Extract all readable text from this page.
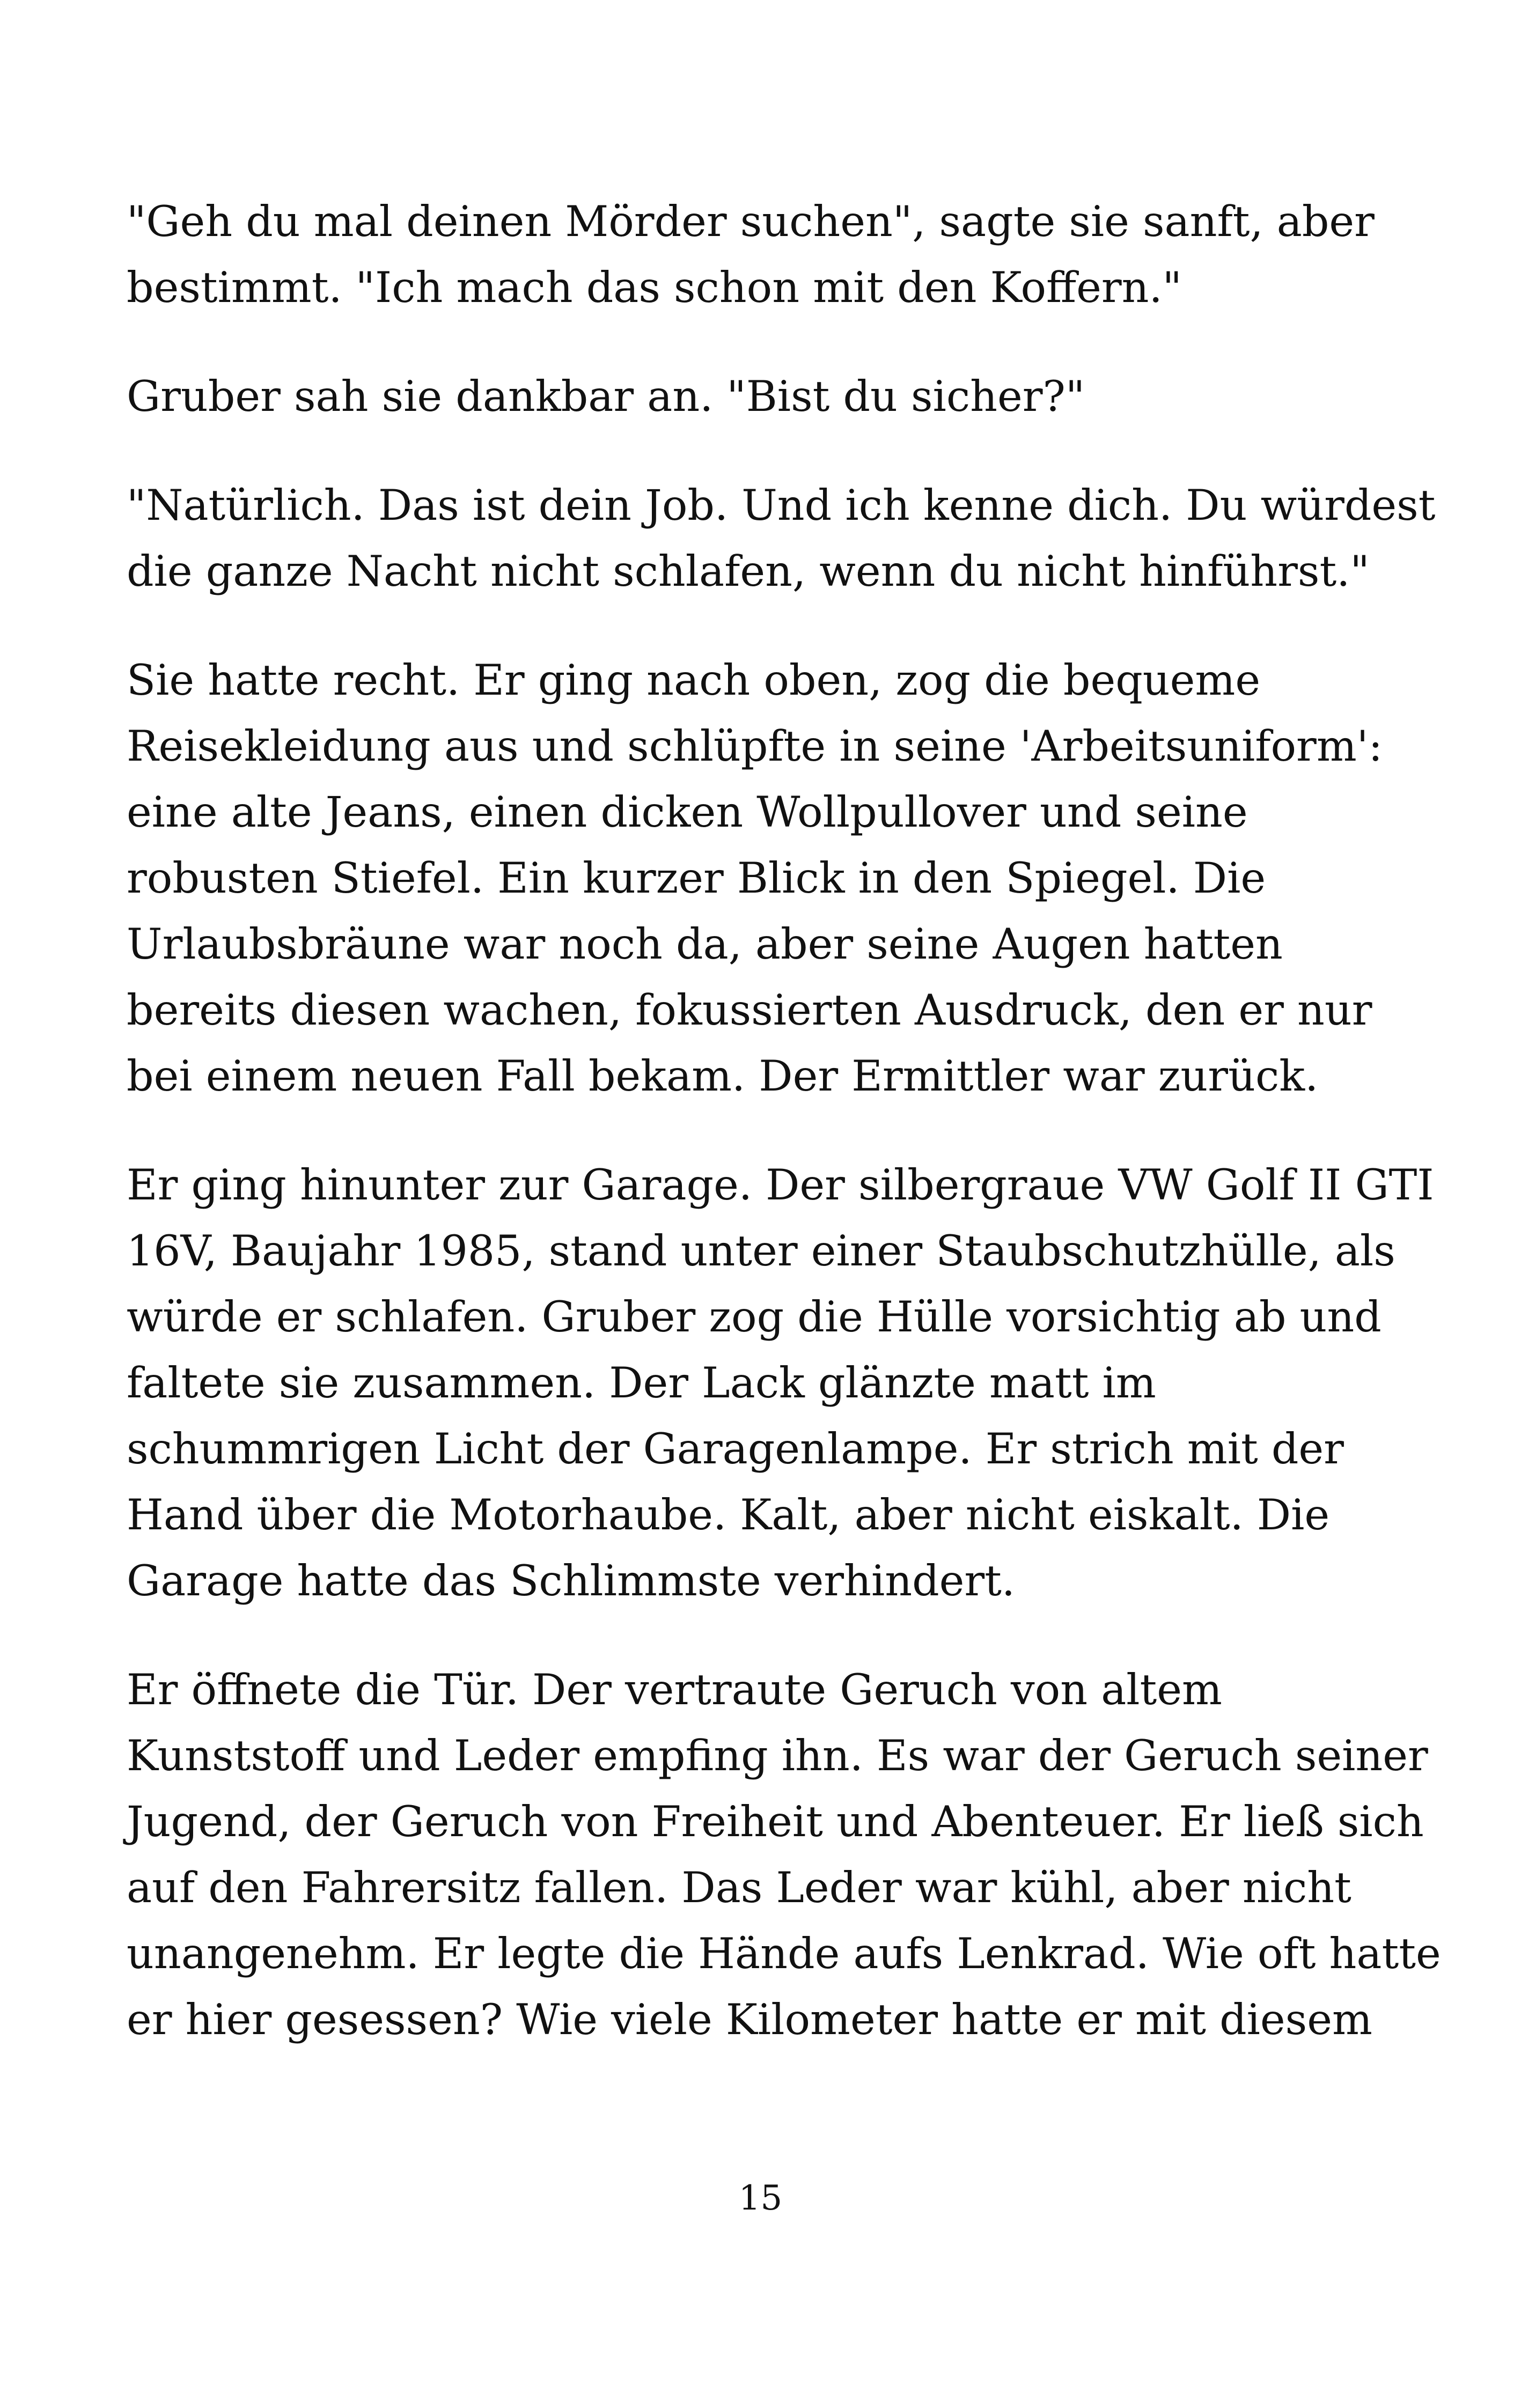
"Geh du mal deinen Mörder suchen", sagte sie sanft, aber
bestimmt. "Ich mach das schon mit den Koffern."

Gruber sah sie dankbar an. "Bist du sicher?"

"Natürlich. Das ist dein Job. Und ich kenne dich. Du würdest
die ganze Nacht nicht schlafen, wenn du nicht hinführst."

Sie hatte recht. Er ging nach oben, zog die bequeme
Reisekleidung aus und schlüpfte in seine 'Arbeitsuniform':
eine alte Jeans, einen dicken Wollpullover und seine
robusten Stiefel. Ein kurzer Blick in den Spiegel. Die
Urlaubsbräune war noch da, aber seine Augen hatten
bereits diesen wachen, fokussierten Ausdruck, den er nur
bei einem neuen Fall bekam. Der Ermittler war zurück.

Er ging hinunter zur Garage. Der silbergraue VW Golf II GTI
16V, Baujahr 1985, stand unter einer Staubschutzhülle, als
würde er schlafen. Gruber zog die Hülle vorsichtig ab und
faltete sie zusammen. Der Lack glänzte matt im
schummrigen Licht der Garagenlampe. Er strich mit der
Hand über die Motorhaube. Kalt, aber nicht eiskalt. Die
Garage hatte das Schlimmste verhindert.

Er öffnete die Tür. Der vertraute Geruch von altem
Kunststoff und Leder empfing ihn. Es war der Geruch seiner
Jugend, der Geruch von Freiheit und Abenteuer. Er ließ sich
auf den Fahrersitz fallen. Das Leder war kühl, aber nicht
unangenehm. Er legte die Hände aufs Lenkrad. Wie oft hatte
er hier gesessen? Wie viele Kilometer hatte er mit diesem

15
